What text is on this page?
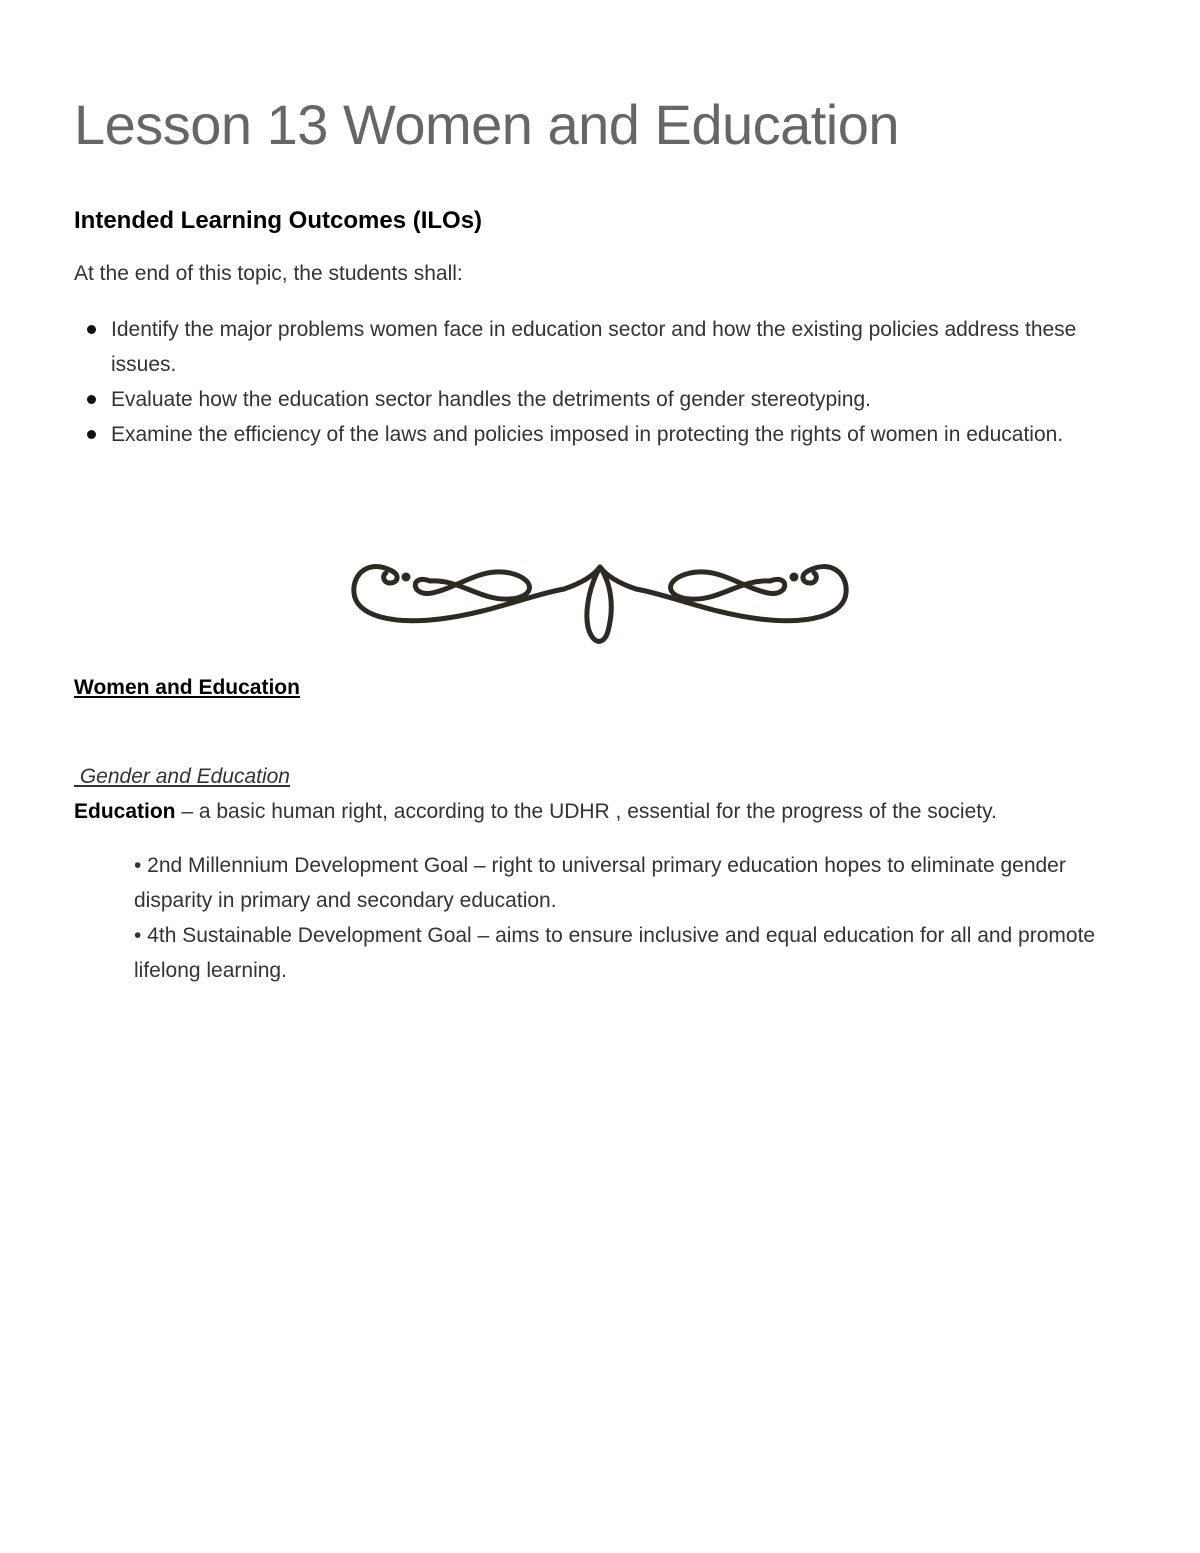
Lesson 13 Women and Education
Intended Learning Outcomes (ILOs)

At the end of this topic, the students shall:

Identify the major problems women face in education sector and how the existing policies address these issues.
Evaluate how the education sector handles the detriments of gender stereotyping.
Examine the efficiency of the laws and policies imposed in protecting the rights of women in education.
Women and Education

Gender and Education

Education – a basic human right, according to the UDHR , essential for the progress of the society.

• 2nd Millennium Development Goal – right to universal primary education hopes to eliminate gender disparity in primary and secondary education.
• 4th Sustainable Development Goal – aims to ensure inclusive and equal education for all and promote lifelong learning.
